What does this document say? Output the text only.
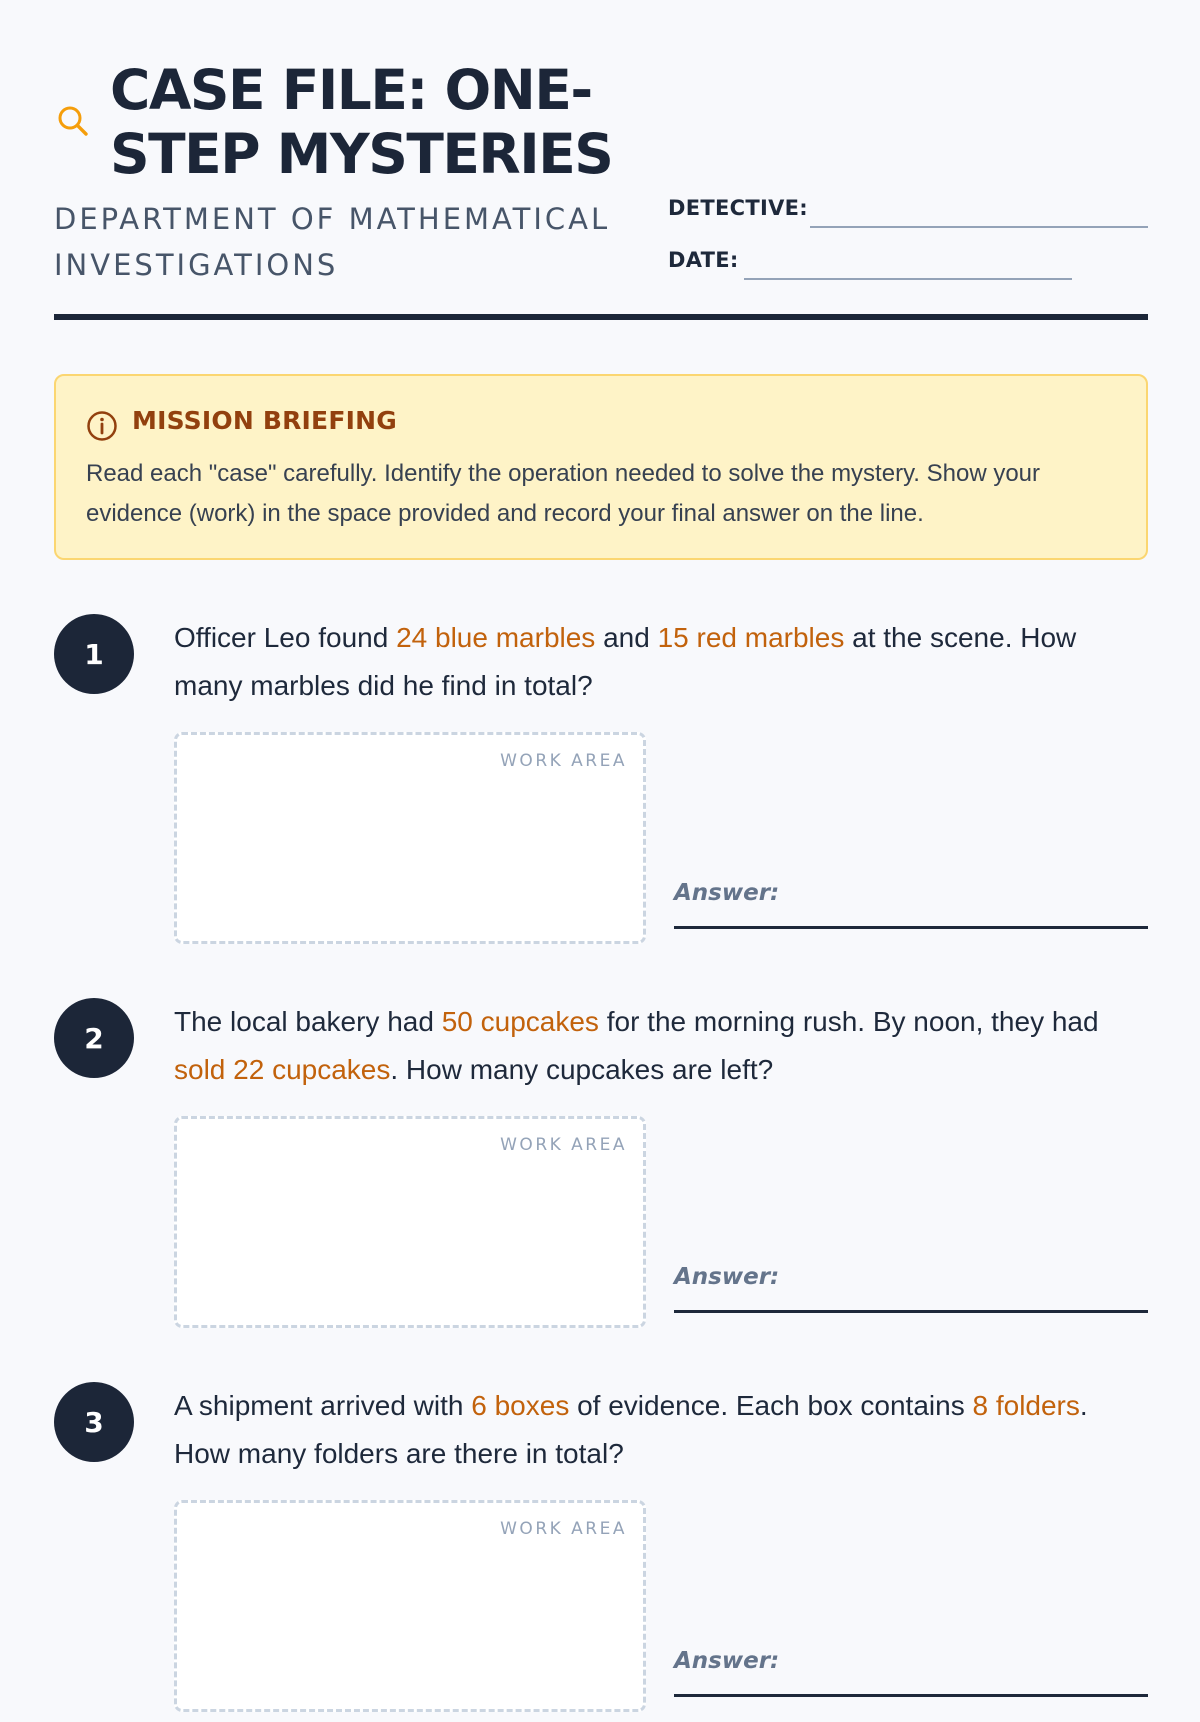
CASE FILE: ONE-STEP MYSTERIES
DEPARTMENT OF MATHEMATICAL INVESTIGATIONS
DETECTIVE:
DATE:
MISSION BRIEFING
Read each "case" carefully. Identify the operation needed to solve the mystery. Show your evidence (work) in the space provided and record your final answer on the line.
1	Officer Leo found 24 blue marbles and 15 red marbles at the scene. How many marbles did he find in total?
WORK AREA
Answer:
2	The local bakery had 50 cupcakes for the morning rush. By noon, they had sold 22 cupcakes. How many cupcakes are left?
WORK AREA
Answer:
3	A shipment arrived with 6 boxes of evidence. Each box contains 8 folders. How many folders are there in total?
WORK AREA
Answer:
